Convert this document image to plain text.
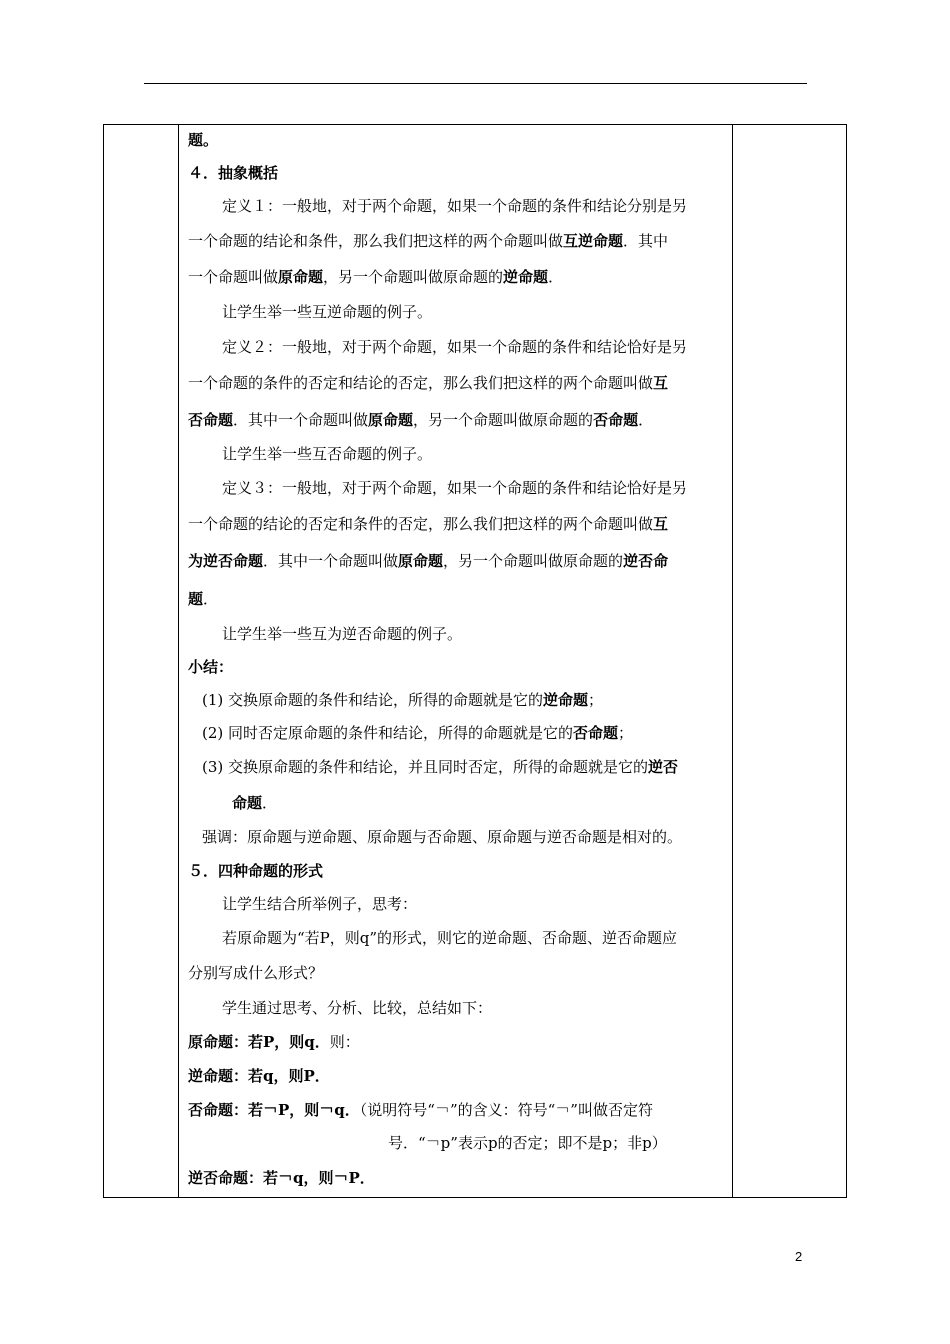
题。
４．抽象概括
定义１：一般地，对于两个命题，如果一个命题的条件和结论分别是另
一个命题的结论和条件，那么我们把这样的两个命题叫做互逆命题．其中
一个命题叫做原命题，另一个命题叫做原命题的逆命题．
让学生举一些互逆命题的例子。
定义２：一般地，对于两个命题，如果一个命题的条件和结论恰好是另
一个命题的条件的否定和结论的否定，那么我们把这样的两个命题叫做互
否命题．其中一个命题叫做原命题，另一个命题叫做原命题的否命题．
让学生举一些互否命题的例子。
定义３：一般地，对于两个命题，如果一个命题的条件和结论恰好是另
一个命题的结论的否定和条件的否定，那么我们把这样的两个命题叫做互
为逆否命题．其中一个命题叫做原命题，另一个命题叫做原命题的逆否命
题．
让学生举一些互为逆否命题的例子。
小结：
(1) 交换原命题的条件和结论，所得的命题就是它的逆命题；
(2) 同时否定原命题的条件和结论，所得的命题就是它的否命题；
(3) 交换原命题的条件和结论，并且同时否定，所得的命题就是它的逆否
命题．
强调：原命题与逆命题、原命题与否命题、原命题与逆否命题是相对的。
５．四种命题的形式
让学生结合所举例子，思考：
若原命题为“若P，则q”的形式，则它的逆命题、否命题、逆否命题应
分别写成什么形式？
学生通过思考、分析、比较，总结如下：
原命题：若P，则q．则：
逆命题：若q，则P．
否命题：若￢P，则￢q．（说明符号“￢”的含义：符号“￢”叫做否定符
号．“￢p”表示p的否定；即不是p；非p）
逆否命题：若￢q，则￢P．
2
